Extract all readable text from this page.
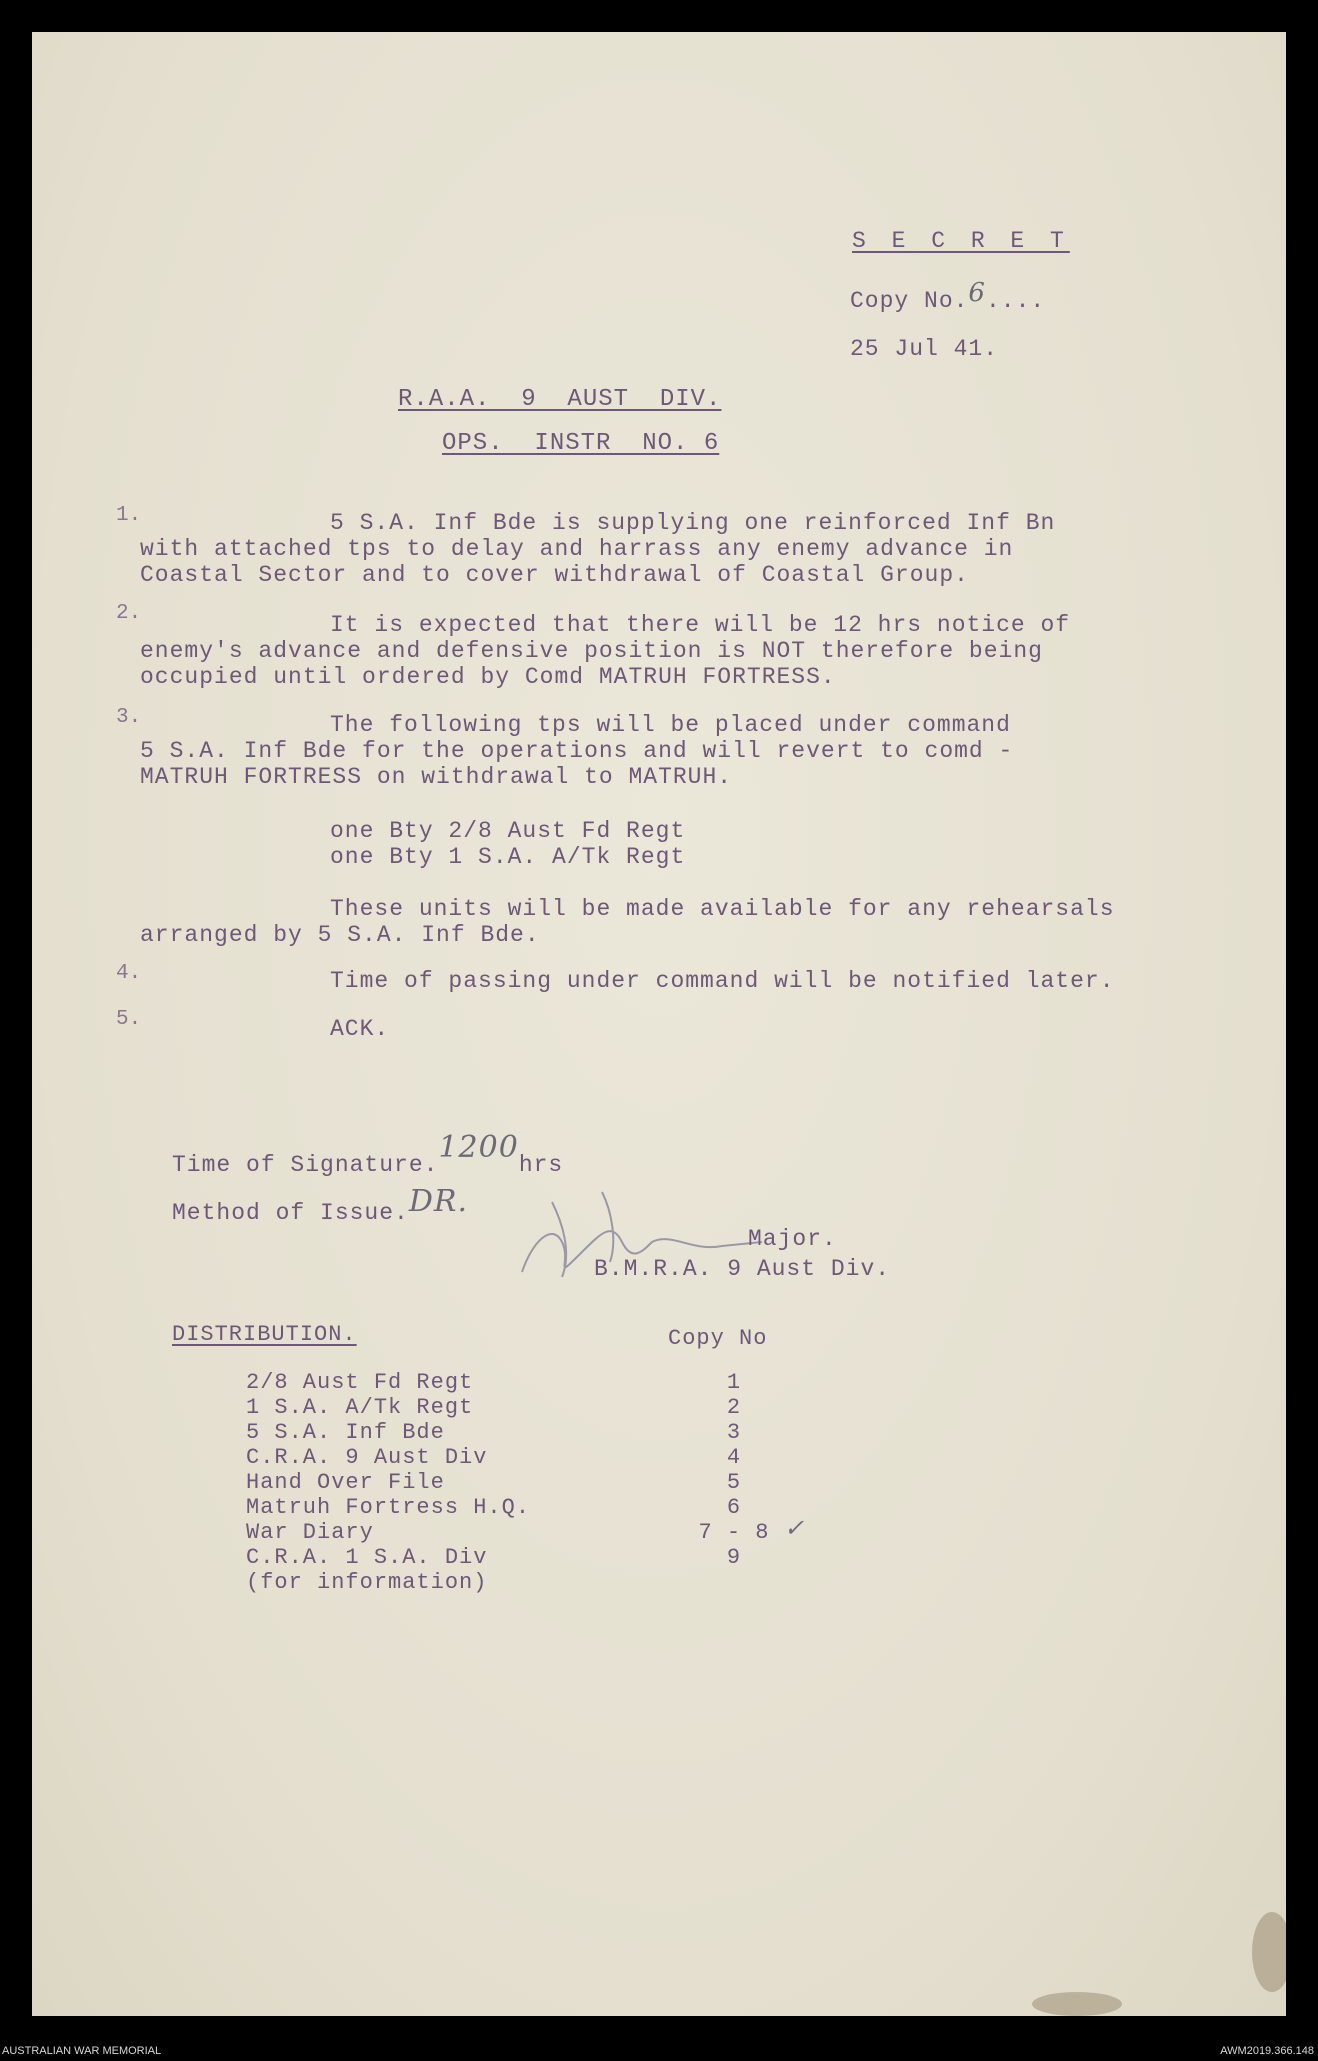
S E C R E T
Copy No.6....
25 Jul 41.
R.A.A.  9  AUST  DIV.
OPS.  INSTR  NO. 6
1.	5 S.A. Inf Bde is supplying one reinforced Inf Bn
with attached tps to delay and harrass any enemy advance in
Coastal Sector and to cover withdrawal of Coastal Group.
2.	It is expected that there will be 12 hrs notice of
enemy's advance and defensive position is NOT therefore being
occupied until ordered by Comd MATRUH FORTRESS.
3.	The following tps will be placed under command
5 S.A. Inf Bde for the operations and will revert to comd -
MATRUH FORTRESS on withdrawal to MATRUH.
one Bty 2/8 Aust Fd Regt
one Bty 1 S.A. A/Tk Regt
These units will be made available for any rehearsals
arranged by 5 S.A. Inf Bde.
4.	Time of passing under command will be notified later.
5.	ACK.
Time of Signature.1200hrs
Method of Issue.DR.
Major.
B.M.R.A. 9 Aust Div.
DISTRIBUTION.	Copy No
2/8 Aust Fd Regt	1
1 S.A. A/Tk Regt	2
5 S.A. Inf Bde	3
C.R.A. 9 Aust Div	4
Hand Over File	5
Matruh Fortress H.Q.	6
War Diary	7 - 8 ✓

C.R.A. 1 S.A. Div	9
(for information)	
AUSTRALIAN WAR MEMORIAL	AWM2019.366.148
